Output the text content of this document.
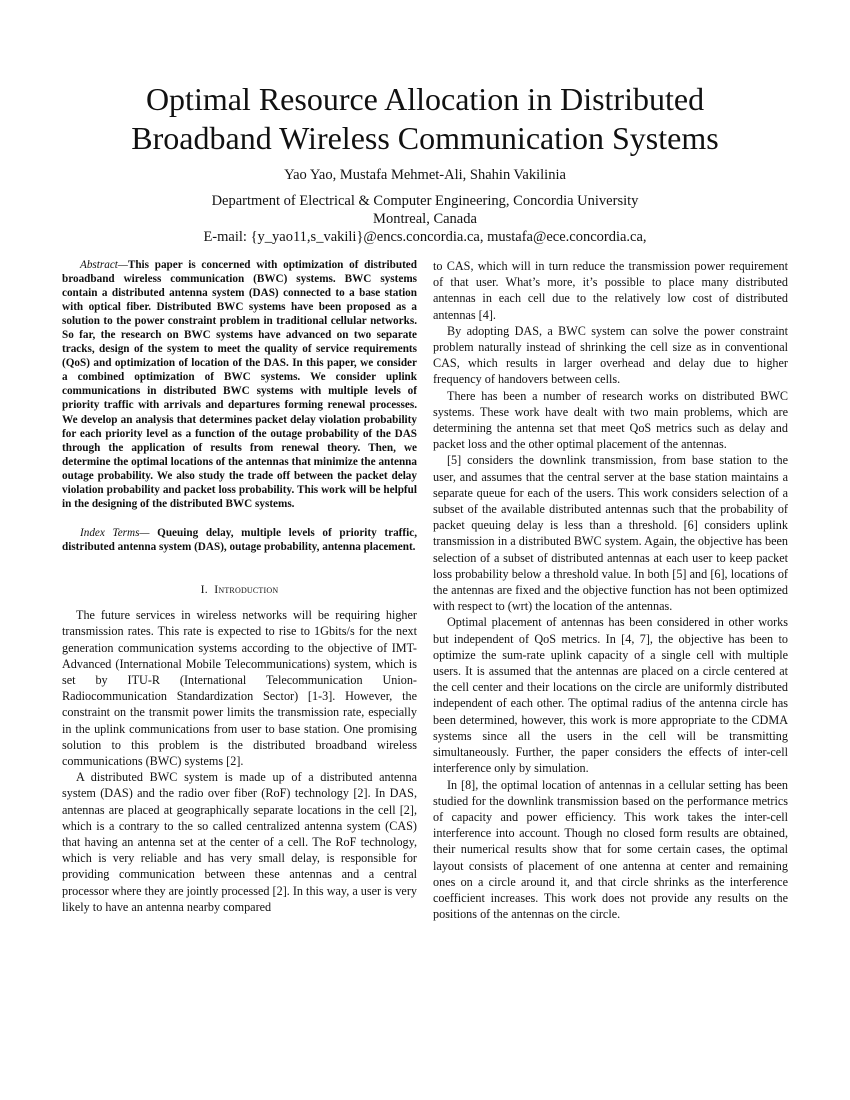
Optimal Resource Allocation in Distributed
Broadband Wireless Communication Systems
Yao Yao, Mustafa Mehmet-Ali, Shahin Vakilinia
Department of Electrical & Computer Engineering, Concordia University
Montreal, Canada
E-mail: {y_yao11,s_vakili}@encs.concordia.ca, mustafa@ece.concordia.ca,

Abstract—This paper is concerned with optimization of distributed broadband wireless communication (BWC) systems. BWC systems contain a distributed antenna system (DAS) connected to a base station with optical fiber. Distributed BWC systems have been proposed as a solution to the power constraint problem in traditional cellular networks. So far, the research on BWC systems have advanced on two separate tracks, design of the system to meet the quality of service requirements (QoS) and optimization of location of the DAS. In this paper, we consider a combined optimization of BWC systems. We consider uplink communications in distributed BWC systems with multiple levels of priority traffic with arrivals and departures forming renewal processes. We develop an analysis that determines packet delay violation probability for each priority level as a function of the outage probability of the DAS through the application of results from renewal theory. Then, we determine the optimal locations of the antennas that minimize the antenna outage probability. We also study the trade off between the packet delay violation probability and packet loss probability. This work will be helpful in the designing of the distributed BWC systems.

Index Terms— Queuing delay, multiple levels of priority traffic, distributed antenna system (DAS), outage probability, antenna placement.

I. Introduction

The future services in wireless networks will be requiring higher transmission rates. This rate is expected to rise to 1Gbits/s for the next generation communication systems according to the objective of IMT-Advanced (International Mobile Telecommunications) system, which is set by ITU-R (International Telecommunication Union-Radiocommunication Standardization Sector) [1-3]. However, the constraint on the transmit power limits the transmission rate, especially in the uplink communications from user to base station. One promising solution to this problem is the distributed broadband wireless communications (BWC) systems [2].

A distributed BWC system is made up of a distributed antenna system (DAS) and the radio over fiber (RoF) technology [2]. In DAS, antennas are placed at geographically separate locations in the cell [2], which is a contrary to the so called centralized antenna system (CAS) that having an antenna set at the center of a cell. The RoF technology, which is very reliable and has very small delay, is responsible for providing communication between these antennas and a central processor where they are jointly processed [2]. In this way, a user is very likely to have an antenna nearby compared

to CAS, which will in turn reduce the transmission power requirement of that user. What’s more, it’s possible to place many distributed antennas in each cell due to the relatively low cost of distributed antennas [4].

By adopting DAS, a BWC system can solve the power constraint problem naturally instead of shrinking the cell size as in conventional CAS, which results in larger overhead and delay due to higher frequency of handovers between cells.

There has been a number of research works on distributed BWC systems. These work have dealt with two main problems, which are determining the antenna set that meet QoS metrics such as delay and packet loss and the other optimal placement of the antennas.

[5] considers the downlink transmission, from base station to the user, and assumes that the central server at the base station maintains a separate queue for each of the users. This work considers selection of a subset of the available distributed antennas such that the probability of packet queuing delay is less than a threshold. [6] considers uplink transmission in a distributed BWC system. Again, the objective has been selection of a subset of distributed antennas at each user to keep packet loss probability below a threshold value. In both [5] and [6], locations of the antennas are fixed and the objective function has not been optimized with respect to (wrt) the location of the antennas.

Optimal placement of antennas has been considered in other works but independent of QoS metrics. In [4, 7], the objective has been to optimize the sum-rate uplink capacity of a single cell with multiple users. It is assumed that the antennas are placed on a circle centered at the cell center and their locations on the circle are uniformly distributed independent of each other. The optimal radius of the antenna circle has been determined, however, this work is more appropriate to the CDMA systems since all the users in the cell will be transmitting simultaneously. Further, the paper considers the effects of inter-cell interference only by simulation.

In [8], the optimal location of antennas in a cellular setting has been studied for the downlink transmission based on the performance metrics of capacity and power efficiency. This work takes the inter-cell interference into account. Though no closed form results are obtained, their numerical results show that for some certain cases, the optimal layout consists of placement of one antenna at center and remaining ones on a circle around it, and that circle shrinks as the interference coefficient increases. This work does not provide any results on the positions of the antennas on the circle.
